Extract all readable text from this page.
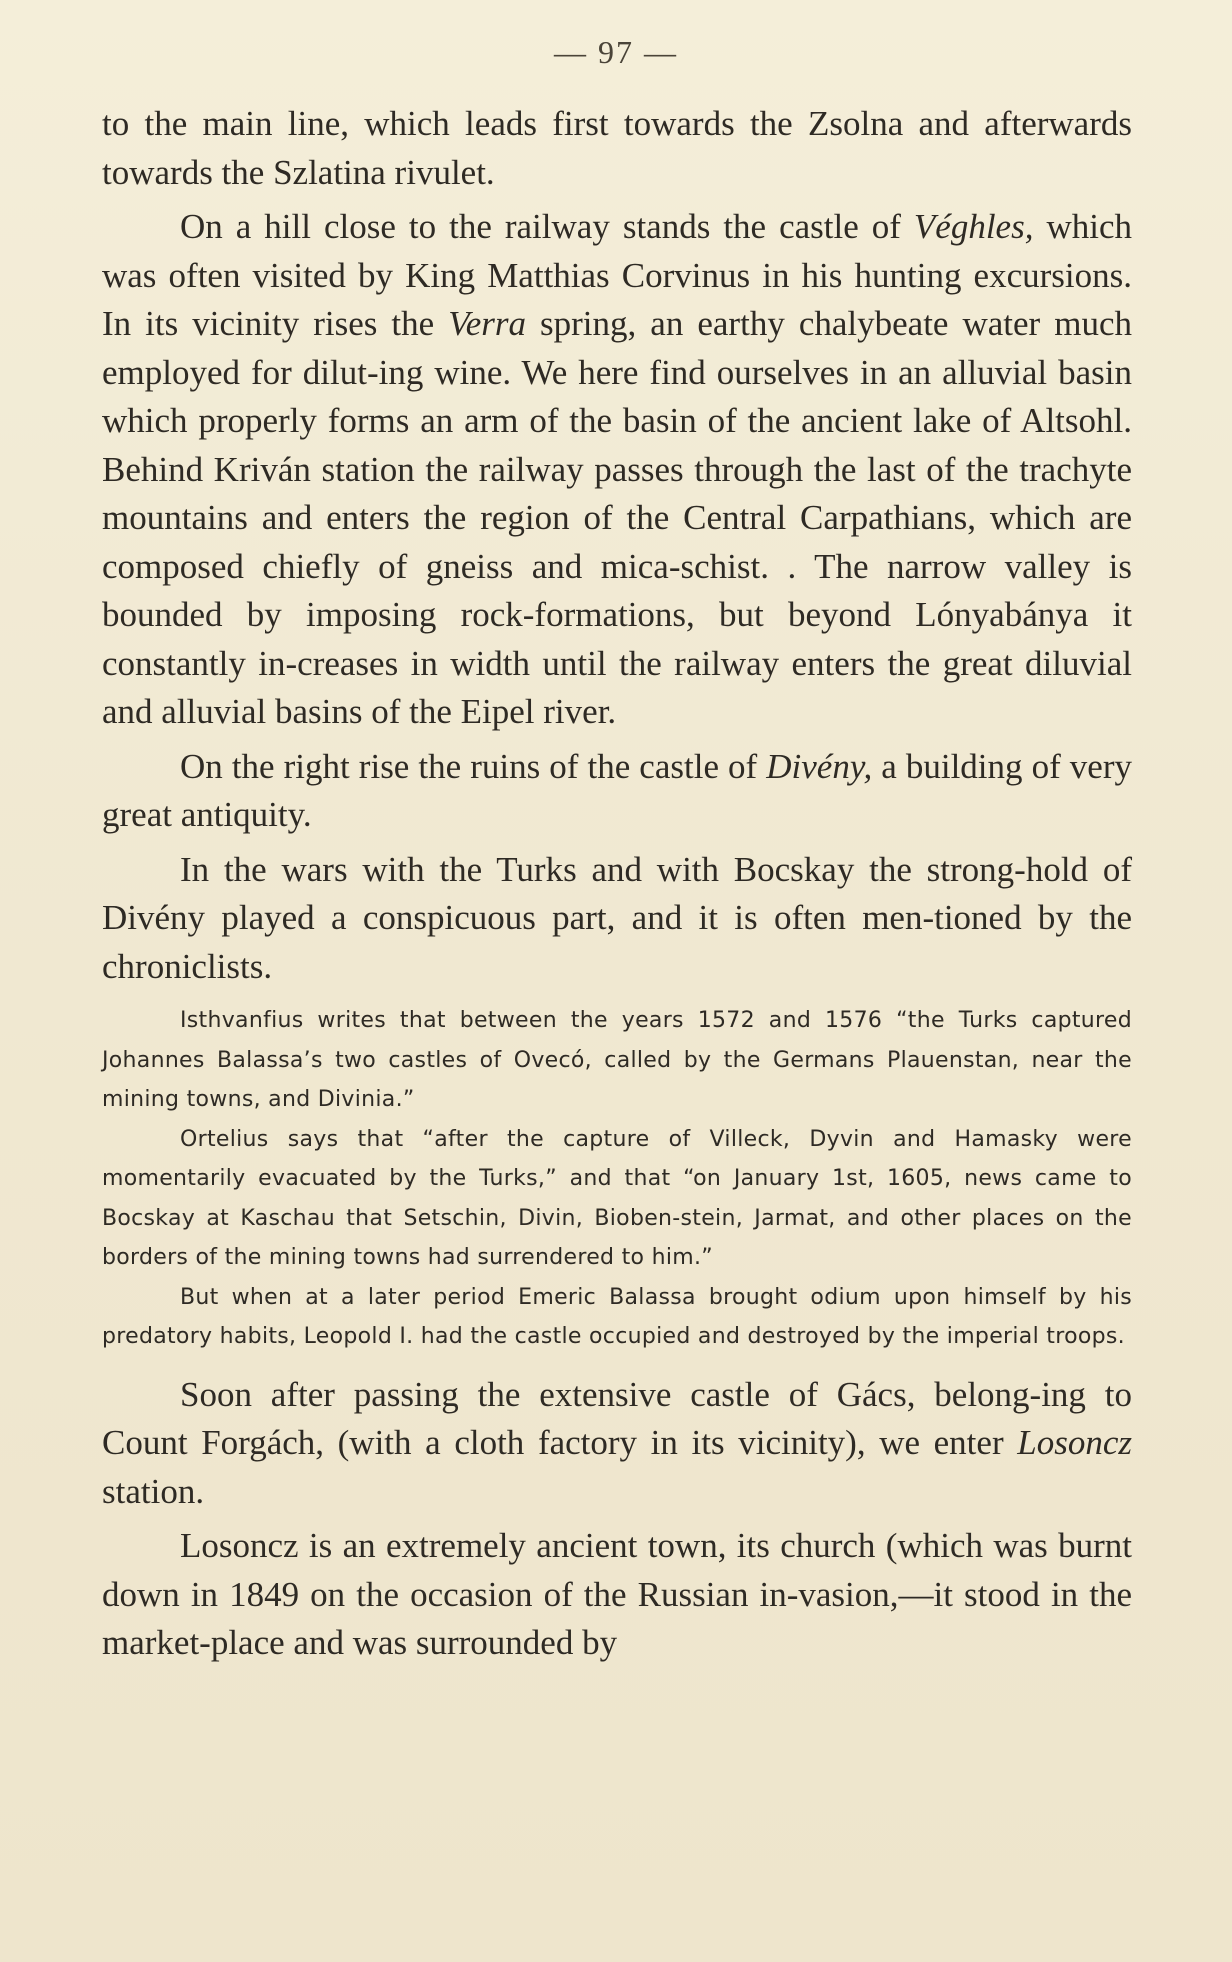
— 97 —

to the main line, which leads first towards the Zsolna and afterwards towards the Szlatina rivulet.

On a hill close to the railway stands the castle of Véghles, which was often visited by King Matthias Corvinus in his hunting excursions. In its vicinity rises the Verra spring, an earthy chalybeate water much employed for dilut-ing wine. We here find ourselves in an alluvial basin which properly forms an arm of the basin of the ancient lake of Altsohl. Behind Kriván station the railway passes through the last of the trachyte mountains and enters the region of the Central Carpathians, which are composed chiefly of gneiss and mica-schist. . The narrow valley is bounded by imposing rock-formations, but beyond Lónyabánya it constantly in-creases in width until the railway enters the great diluvial and alluvial basins of the Eipel river.

On the right rise the ruins of the castle of Divény, a building of very great antiquity.

In the wars with the Turks and with Bocskay the strong-hold of Divény played a conspicuous part, and it is often men-tioned by the chroniclists.

Isthvanfius writes that between the years 1572 and 1576 “the Turks captured Johannes Balassa’s two castles of Ovecó, called by the Germans Plauenstan, near the mining towns, and Divinia.”

Ortelius says that “after the capture of Villeck, Dyvin and Hamasky were momentarily evacuated by the Turks,” and that “on January 1st, 1605, news came to Bocskay at Kaschau that Setschin, Divin, Bioben-stein, Jarmat, and other places on the borders of the mining towns had surrendered to him.”

But when at a later period Emeric Balassa brought odium upon himself by his predatory habits, Leopold I. had the castle occupied and destroyed by the imperial troops.

Soon after passing the extensive castle of Gács, belong-ing to Count Forgách, (with a cloth factory in its vicinity), we enter Losoncz station.

Losoncz is an extremely ancient town, its church (which was burnt down in 1849 on the occasion of the Russian in-vasion,—it stood in the market-place and was surrounded by
